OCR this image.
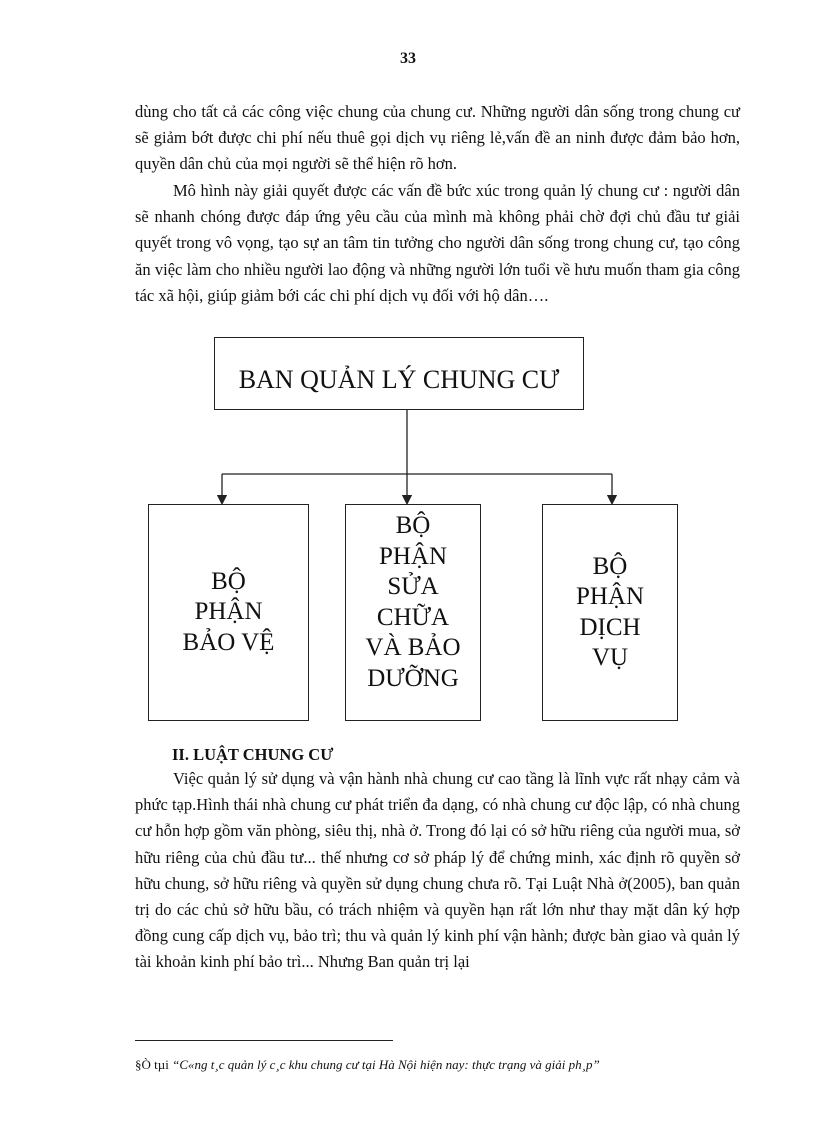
33

dùng cho tất cả các công việc chung của chung cư. Những người dân sống trong chung cư sẽ giảm bớt được chi phí nếu thuê gọi dịch vụ riêng lẻ,vấn đề an ninh được đảm bảo hơn, quyền dân chủ của mọi người sẽ thể hiện rõ hơn.

Mô hình này giải quyết được các vấn đề bức xúc trong quản lý chung cư : người dân sẽ nhanh chóng được đáp ứng yêu cầu của mình mà không phải chờ đợi chủ đầu tư giải quyết trong vô vọng, tạo sự an tâm tin tưởng cho người dân sống trong chung cư, tạo công ăn việc làm cho nhiều người lao động và những người lớn tuổi về hưu muốn tham gia công tác xã hội, giúp giảm bới các chi phí dịch vụ đối với hộ dân….

BAN QUẢN LÝ CHUNG CƯ
BỘ
PHẬN
BẢO VỆ
BỘ
PHẬN
SỬA
CHỮA
VÀ BẢO
DƯỠNG
BỘ
PHẬN
DỊCH
VỤ
II. LUẬT CHUNG CƯ

Việc quản lý sử dụng và vận hành nhà chung cư cao tầng là lĩnh vực rất nhạy cảm và phức tạp.Hình thái nhà chung cư phát triển đa dạng, có nhà chung cư độc lập, có nhà chung cư hỗn hợp gồm văn phòng, siêu thị, nhà ở. Trong đó lại có sở hữu riêng của người mua, sở hữu riêng của chủ đầu tư... thế nhưng cơ sở pháp lý để chứng minh, xác định rõ quyền sở hữu chung, sở hữu riêng và quyền sử dụng chung chưa rõ. Tại Luật Nhà ở(2005), ban quản trị do các chủ sở hữu bầu, có trách nhiệm và quyền hạn rất lớn như thay mặt dân ký hợp đồng cung cấp dịch vụ, bảo trì; thu và quản lý kinh phí vận hành; được bàn giao và quản lý tài khoản kinh phí bảo trì... Nhưng Ban quản trị lại

§Ò tµi “C«ng t¸c quản lý c¸c khu chung cư tại Hà Nội hiện nay: thực trạng và giải ph¸p”
